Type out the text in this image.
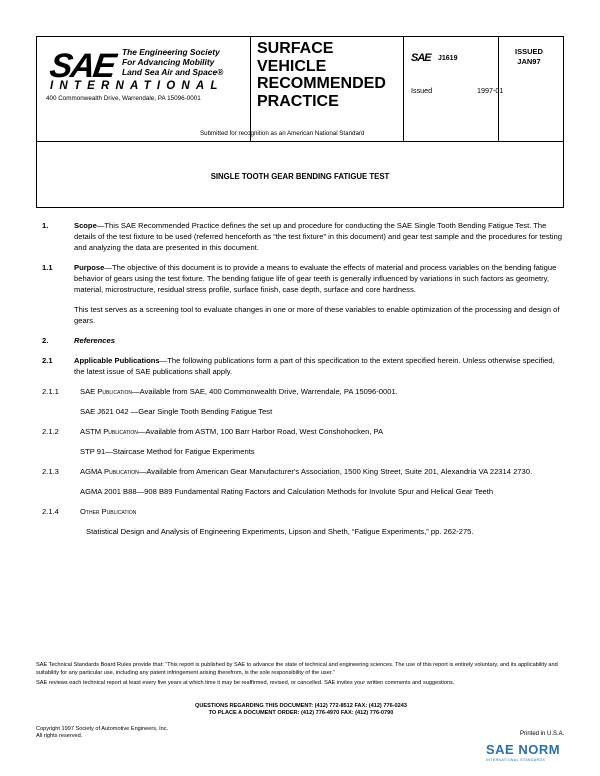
SAE The Engineering Society
For Advancing Mobility
Land Sea Air and Space®
INTERNATIONAL
400 Commonwealth Drive, Warrendale, PA 15096-0001
SURFACE
VEHICLE
RECOMMENDED
PRACTICE
SAE J1619
ISSUED
JAN97
Issued	1997-01
Submitted for recognition as an American National Standard
SINGLE TOOTH GEAR BENDING FATIGUE TEST
1.	Scope—This SAE Recommended Practice defines the set up and procedure for conducting the SAE Single Tooth Bending Fatigue Test. The details of the test fixture to be used (referred henceforth as “the test fixture” in this document) and gear test sample and the procedures for testing and analyzing the data are presented in this document.
1.1	Purpose—The objective of this document is to provide a means to evaluate the effects of material and process variables on the bending fatigue behavior of gears using the test fixture. The bending fatigue life of gear teeth is generally influenced by variations in such factors as geometry, material, microstructure, residual stress profile, surface finish, case depth, surface and core hardness.
This test serves as a screening tool to evaluate changes in one or more of these variables to enable optimization of the processing and design of gears.
2.	References
2.1	Applicable Publications—The following publications form a part of this specification to the extent specified herein. Unless otherwise specified, the latest issue of SAE publications shall apply.
2.1.1	SAE Publication—Available from SAE, 400 Commonwealth Drive, Warrendale, PA 15096-0001.
SAE J621 042 —Gear Single Tooth Bending Fatigue Test
2.1.2	ASTM Publication—Available from ASTM, 100 Barr Harbor Road, West Conshohocken, PA
STP 91—Staircase Method for Fatigue Experiments
2.1.3	AGMA Publication—Available from American Gear Manufacturer's Association, 1500 King Street, Suite 201, Alexandria VA 22314 2730.
AGMA 2001 B88—908 B89 Fundamental Rating Factors and Calculation Methods for Involute Spur and Helical Gear Teeth
2.1.4	Other Publication
Statistical Design and Analysis of Engineering Experiments, Lipson and Sheth, “Fatigue Experiments,” pp. 262-275.
SAE Technical Standards Board Rules provide that: “This report is published by SAE to advance the state of technical and engineering sciences. The use of this report is entirely voluntary, and its applicability and suitability for any particular use, including any patent infringement arising therefrom, is the sole responsibility of the user.”
SAE reviews each technical report at least every five years at which time it may be reaffirmed, revised, or cancelled. SAE invites your written comments and suggestions.
QUESTIONS REGARDING THIS DOCUMENT: (412) 772-8512 FAX: (412) 776-0243
TO PLACE A DOCUMENT ORDER: (412) 776-4970 FAX: (412) 776-0790
Copyright 1997 Society of Automotive Engineers, Inc.
All rights reserved.	Printed in U.S.A.
SAE NORM
INTERNATIONAL STANDARDS
